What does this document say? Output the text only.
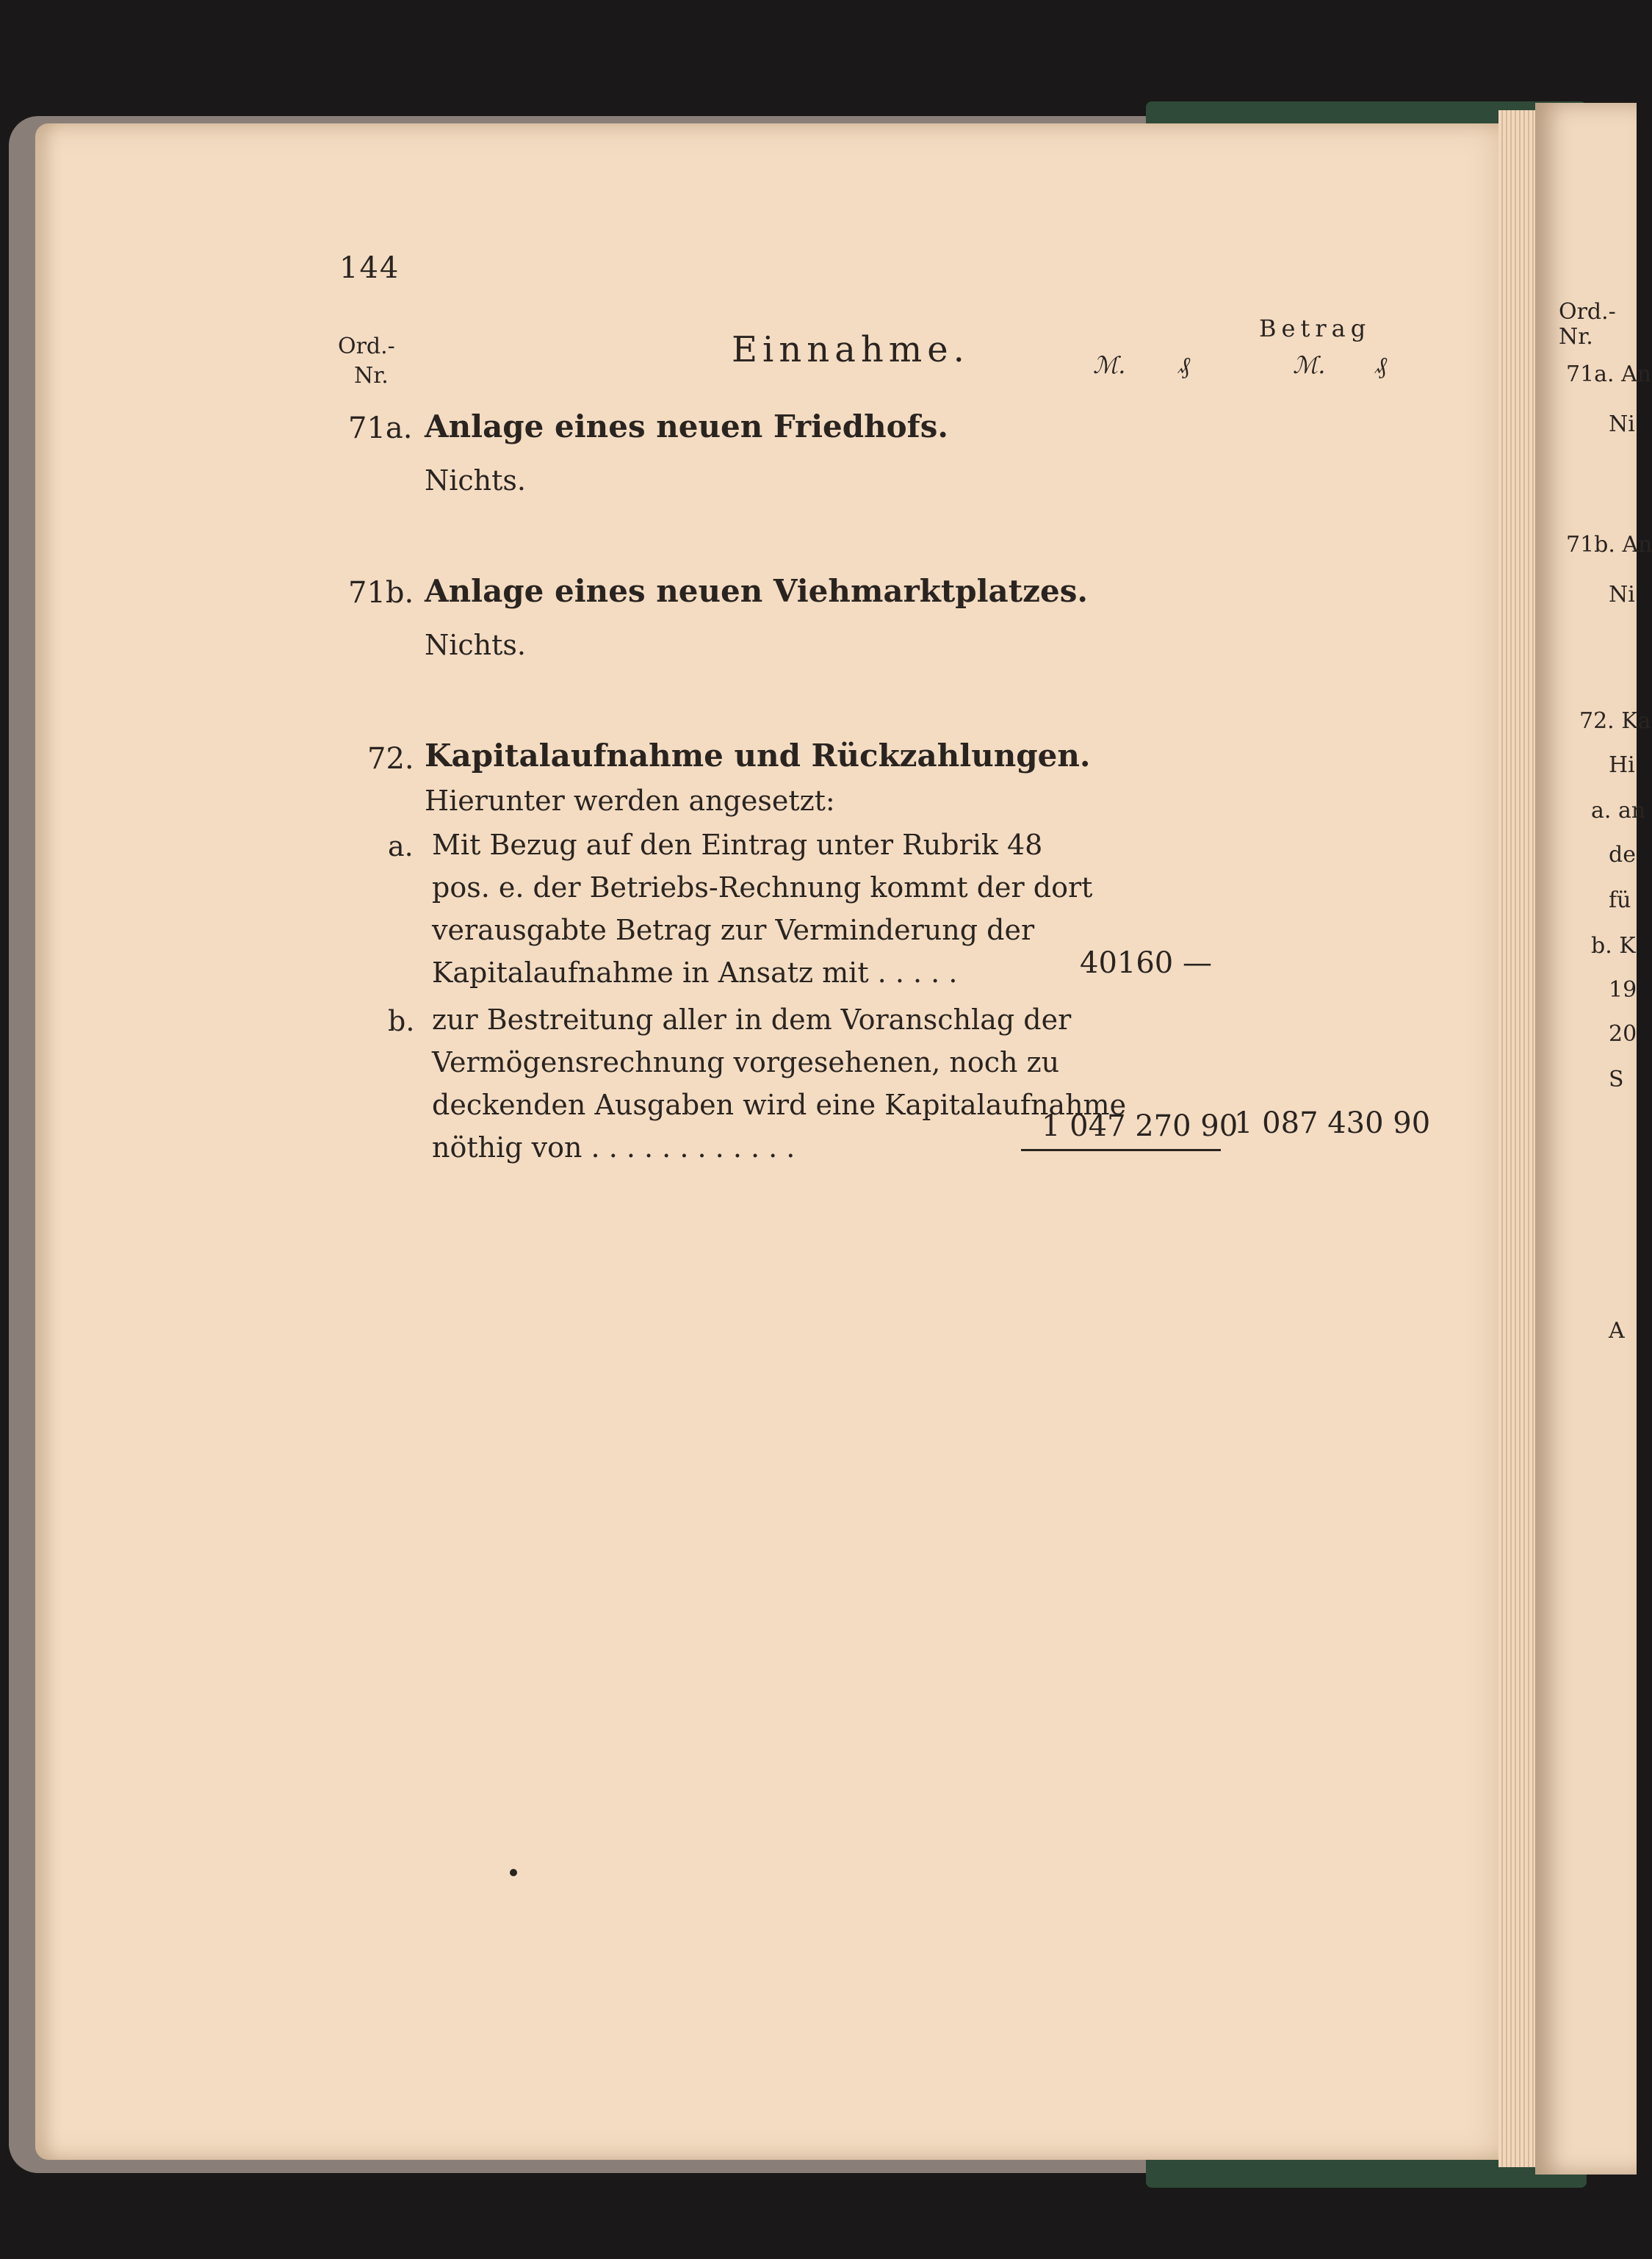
Ord.-
Nr.
71a. An
Ni
71b. An
Ni
72. Ka
Hi
a. an
de
fü
b. K
19
20
S
A
144
Ord.-
Nr.
Einnahme.
Betrag
ℳ. ₰	ℳ. ₰
71a. Anlage eines neuen Friedhofs.
Nichts.
71b. Anlage eines neuen Viehmarktplatzes.
Nichts.
72. Kapitalaufnahme und Rückzahlungen.
Hierunter werden angesetzt:
a. Mit Bezug auf den Eintrag unter Rubrik 48
pos. e. der Betriebs-Rechnung kommt der dort
verausgabte Betrag zur Verminderung der
Kapitalaufnahme in Ansatz mit . . . . .	40160 —
b. zur Bestreitung aller in dem Voranschlag der
Vermögensrechnung vorgesehenen, noch zu
deckenden Ausgaben wird eine Kapitalaufnahme
nöthig von . . . . . . . . . . . .
1 047 270 90
1 087 430 90
